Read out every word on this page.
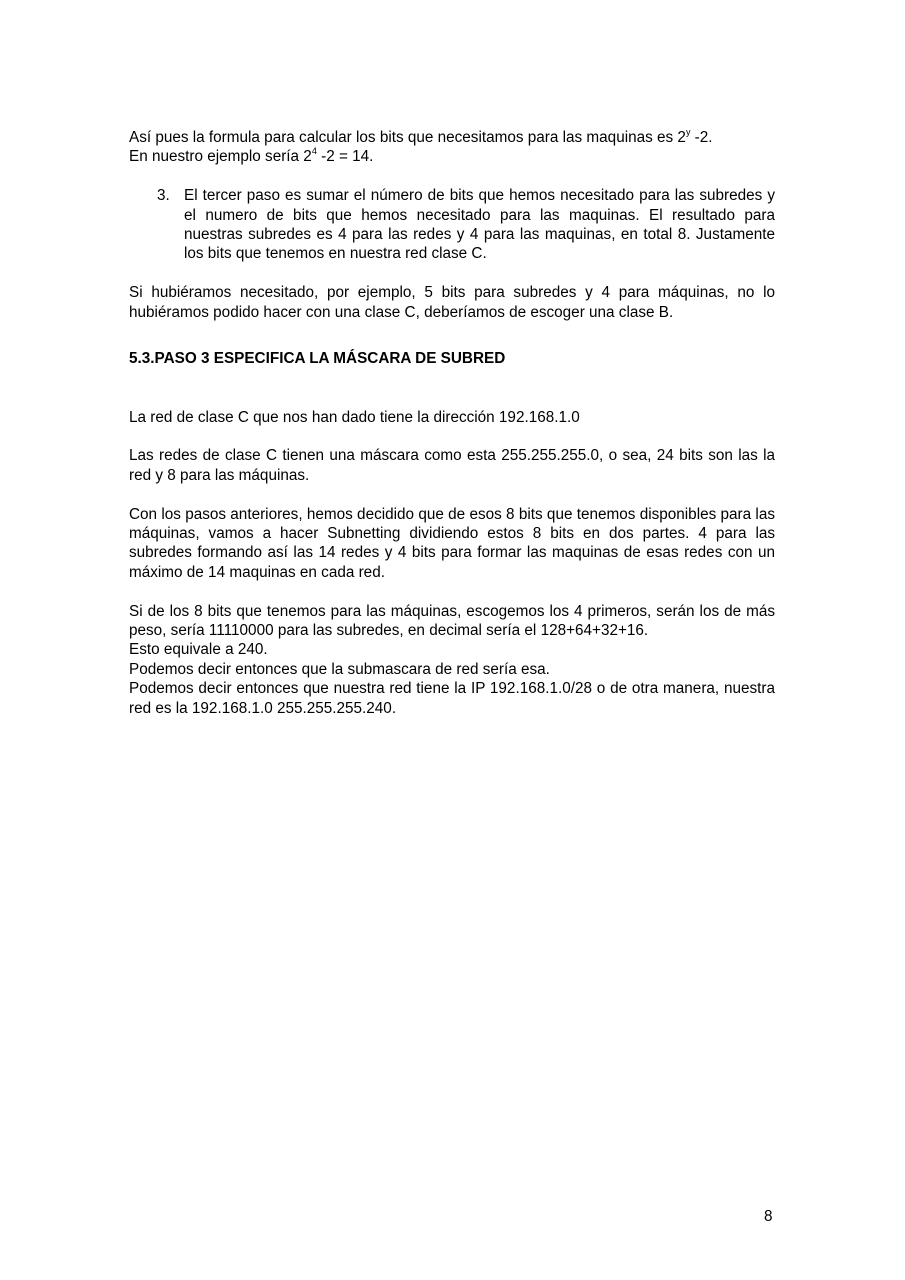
Así pues la formula para calcular los bits que necesitamos para las maquinas es 2$^y$ -2.

En nuestro ejemplo sería $2^4$ -2 = 14.

3. El tercer paso es sumar el número de bits que hemos necesitado para las subredes y el numero de bits que hemos necesitado para las maquinas. El resultado para nuestras subredes es 4 para las redes y 4 para las maquinas, en total 8. Justamente los bits que tenemos en nuestra red clase C.

Si hubiéramos necesitado, por ejemplo, 5 bits para subredes y 4 para máquinas, no lo hubiéramos podido hacer con una clase C, deberíamos de escoger una clase B.

5.3.PASO 3 ESPECIFICA LA MÁSCARA DE SUBRED

La red de clase C que nos han dado tiene la dirección 192.168.1.0

Las redes de clase C tienen una máscara como esta 255.255.255.0, o sea, 24 bits son las la red y 8 para las máquinas.

Con los pasos anteriores, hemos decidido que de esos 8 bits que tenemos disponibles para las máquinas, vamos a hacer Subnetting dividiendo estos 8 bits en dos partes. 4 para las subredes formando así las 14 redes y 4 bits para formar las maquinas de esas redes con un máximo de 14 maquinas en cada red.

Si de los 8 bits que tenemos para las máquinas, escogemos los 4 primeros, serán los de más peso, sería 11110000 para las subredes, en decimal sería el 128+64+32+16.

Esto equivale a 240.

Podemos decir entonces que la submascara de red sería esa.

Podemos decir entonces que nuestra red tiene la IP 192.168.1.0/28 o de otra manera, nuestra red es la 192.168.1.0 255.255.255.240.

8
